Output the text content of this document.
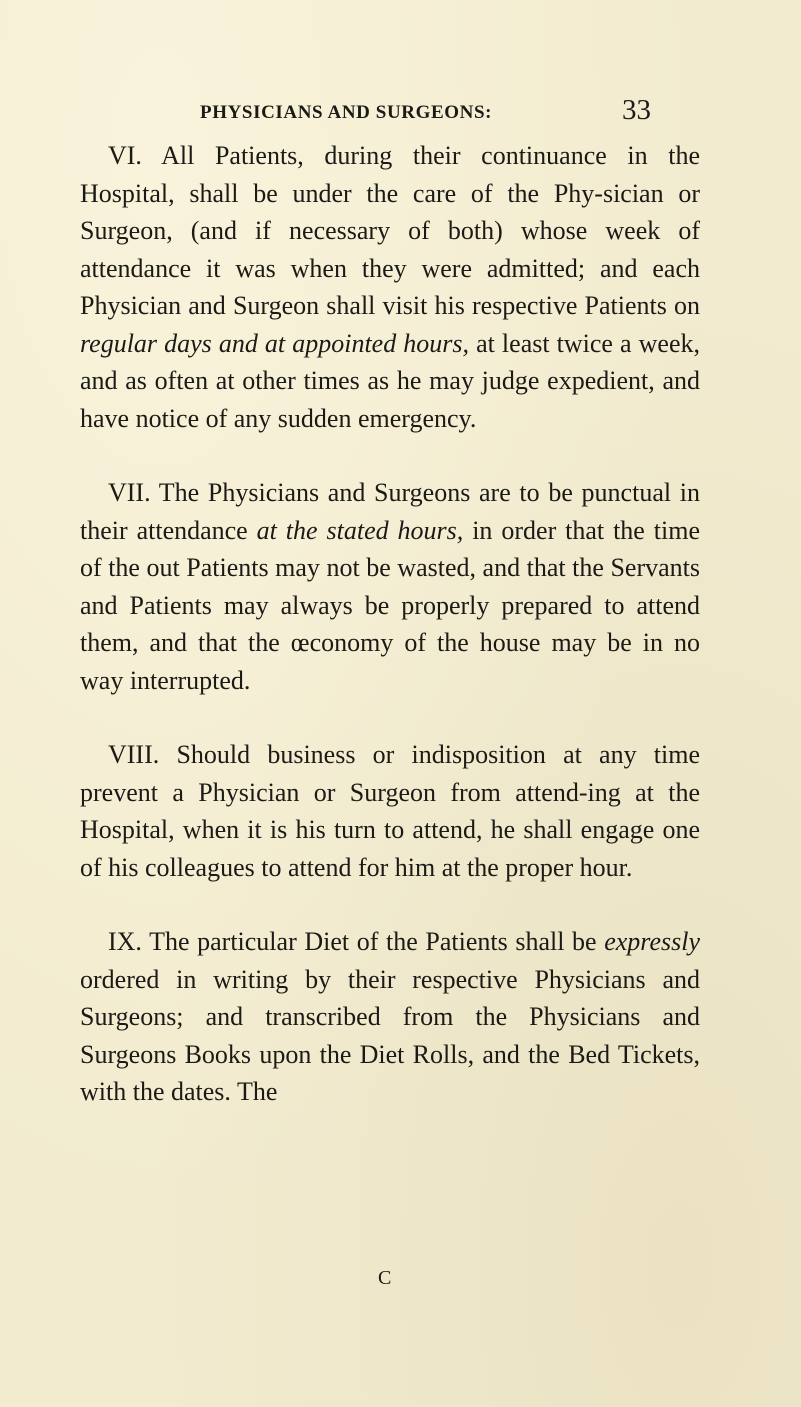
PHYSICIANS AND SURGEONS:	33

VI. All Patients, during their continuance in the Hospital, shall be under the care of the Phy-sician or Surgeon, (and if necessary of both) whose week of attendance it was when they were admitted; and each Physician and Surgeon shall visit his respective Patients on regular days and at appointed hours, at least twice a week, and as often at other times as he may judge expedient, and have notice of any sudden emergency.

VII. The Physicians and Surgeons are to be punctual in their attendance at the stated hours, in order that the time of the out Patients may not be wasted, and that the Servants and Patients may always be properly prepared to attend them, and that the œconomy of the house may be in no way interrupted.

VIII. Should business or indisposition at any time prevent a Physician or Surgeon from attend-ing at the Hospital, when it is his turn to attend, he shall engage one of his colleagues to attend for him at the proper hour.

IX. The particular Diet of the Patients shall be expressly ordered in writing by their respective Physicians and Surgeons; and transcribed from the Physicians and Surgeons Books upon the Diet Rolls, and the Bed Tickets, with the dates. The

C
